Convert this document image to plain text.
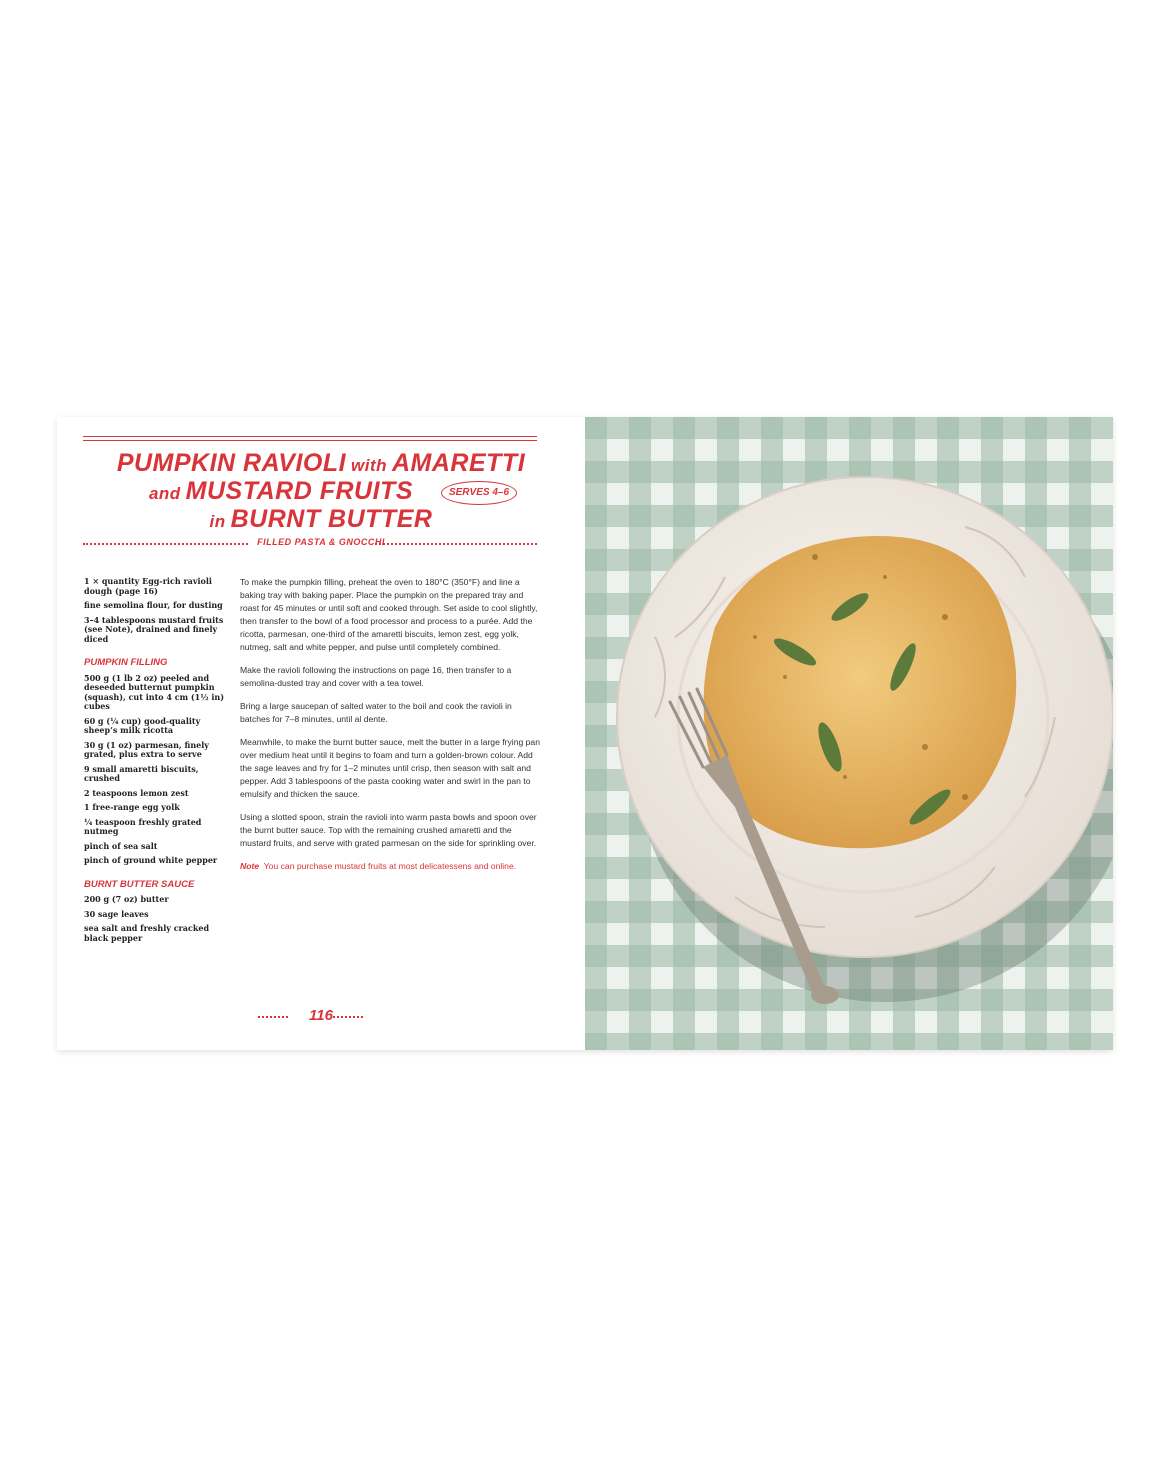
PUMPKIN RAVIOLI with AMARETTI
and MUSTARD FRUITS	SERVES 4–6
in BURNT BUTTER
FILLED PASTA & GNOCCHI
1 × quantity Egg-rich ravioli dough (page 16)
fine semolina flour, for dusting
3–4 tablespoons mustard fruits (see Note), drained and finely diced
PUMPKIN FILLING
500 g (1 lb 2 oz) peeled and deseeded butternut pumpkin (squash), cut into 4 cm (1½ in) cubes
60 g (¼ cup) good-quality sheep’s milk ricotta
30 g (1 oz) parmesan, finely grated, plus extra to serve
9 small amaretti biscuits, crushed
2 teaspoons lemon zest
1 free-range egg yolk
¼ teaspoon freshly grated nutmeg
pinch of sea salt
pinch of ground white pepper
BURNT BUTTER SAUCE
200 g (7 oz) butter
30 sage leaves
sea salt and freshly cracked black pepper

To make the pumpkin filling, preheat the oven to 180°C (350°F) and line a baking tray with baking paper. Place the pumpkin on the prepared tray and roast for 45 minutes or until soft and cooked through. Set aside to cool slightly, then transfer to the bowl of a food processor and process to a purée. Add the ricotta, parmesan, one-third of the amaretti biscuits, lemon zest, egg yolk, nutmeg, salt and white pepper, and pulse until completely combined.

Make the ravioli following the instructions on page 16, then transfer to a semolina-dusted tray and cover with a tea towel.

Bring a large saucepan of salted water to the boil and cook the ravioli in batches for 7–8 minutes, until al dente.

Meanwhile, to make the burnt butter sauce, melt the butter in a large frying pan over medium heat until it begins to foam and turn a golden-brown colour. Add the sage leaves and fry for 1–2 minutes until crisp, then season with salt and pepper. Add 3 tablespoons of the pasta cooking water and swirl in the pan to emulsify and thicken the sauce.

Using a slotted spoon, strain the ravioli into warm pasta bowls and spoon over the burnt butter sauce. Top with the remaining crushed amaretti and the mustard fruits, and serve with grated parmesan on the side for sprinkling over.

Note You can purchase mustard fruits at most delicatessens and online.

116
